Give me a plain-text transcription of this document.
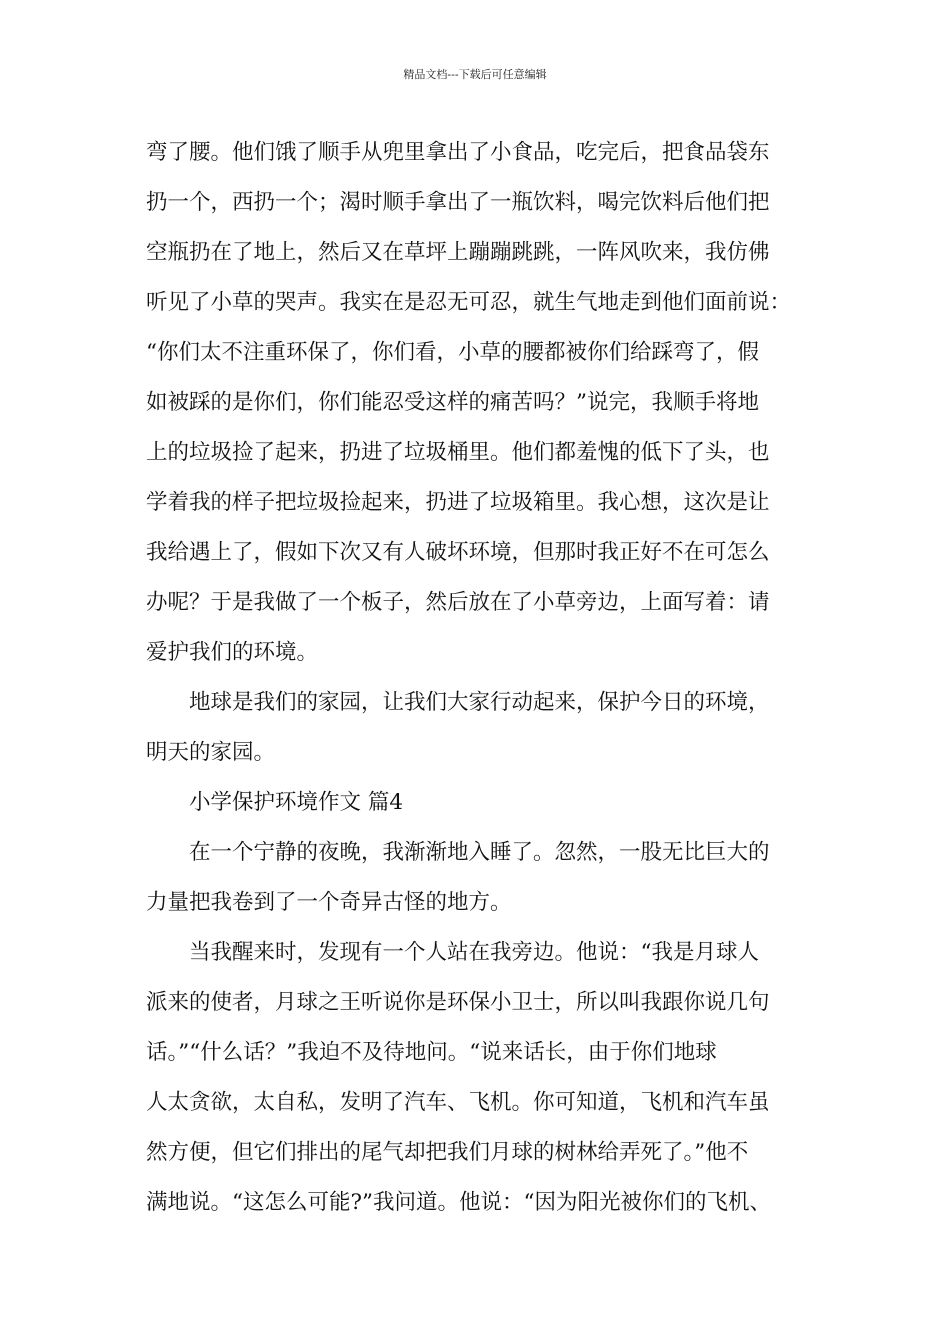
精品文档---下载后可任意编辑
弯了腰。他们饿了顺手从兜里拿出了小食品，吃完后，把食品袋东
扔一个，西扔一个；渴时顺手拿出了一瓶饮料，喝完饮料后他们把
空瓶扔在了地上，然后又在草坪上蹦蹦跳跳，一阵风吹来，我仿佛
听见了小草的哭声。我实在是忍无可忍，就生气地走到他们面前说：
“你们太不注重环保了，你们看，小草的腰都被你们给踩弯了，假
如被踩的是你们，你们能忍受这样的痛苦吗？”说完，我顺手将地
上的垃圾捡了起来，扔进了垃圾桶里。他们都羞愧的低下了头，也
学着我的样子把垃圾捡起来，扔进了垃圾箱里。我心想，这次是让
我给遇上了，假如下次又有人破坏环境，但那时我正好不在可怎么
办呢？于是我做了一个板子，然后放在了小草旁边，上面写着：请
爱护我们的环境。
地球是我们的家园，让我们大家行动起来，保护今日的环境，
明天的家园。
小学保护环境作文 篇4
在一个宁静的夜晚，我渐渐地入睡了。忽然，一股无比巨大的
力量把我卷到了一个奇异古怪的地方。
当我醒来时，发现有一个人站在我旁边。他说：“我是月球人
派来的使者，月球之王听说你是环保小卫士，所以叫我跟你说几句
话。”“什么话？”我迫不及待地问。“说来话长，由于你们地球
人太贪欲，太自私，发明了汽车、飞机。你可知道，飞机和汽车虽
然方便，但它们排出的尾气却把我们月球的树林给弄死了。”他不
满地说。“这怎么可能?”我问道。他说：“因为阳光被你们的飞机、
